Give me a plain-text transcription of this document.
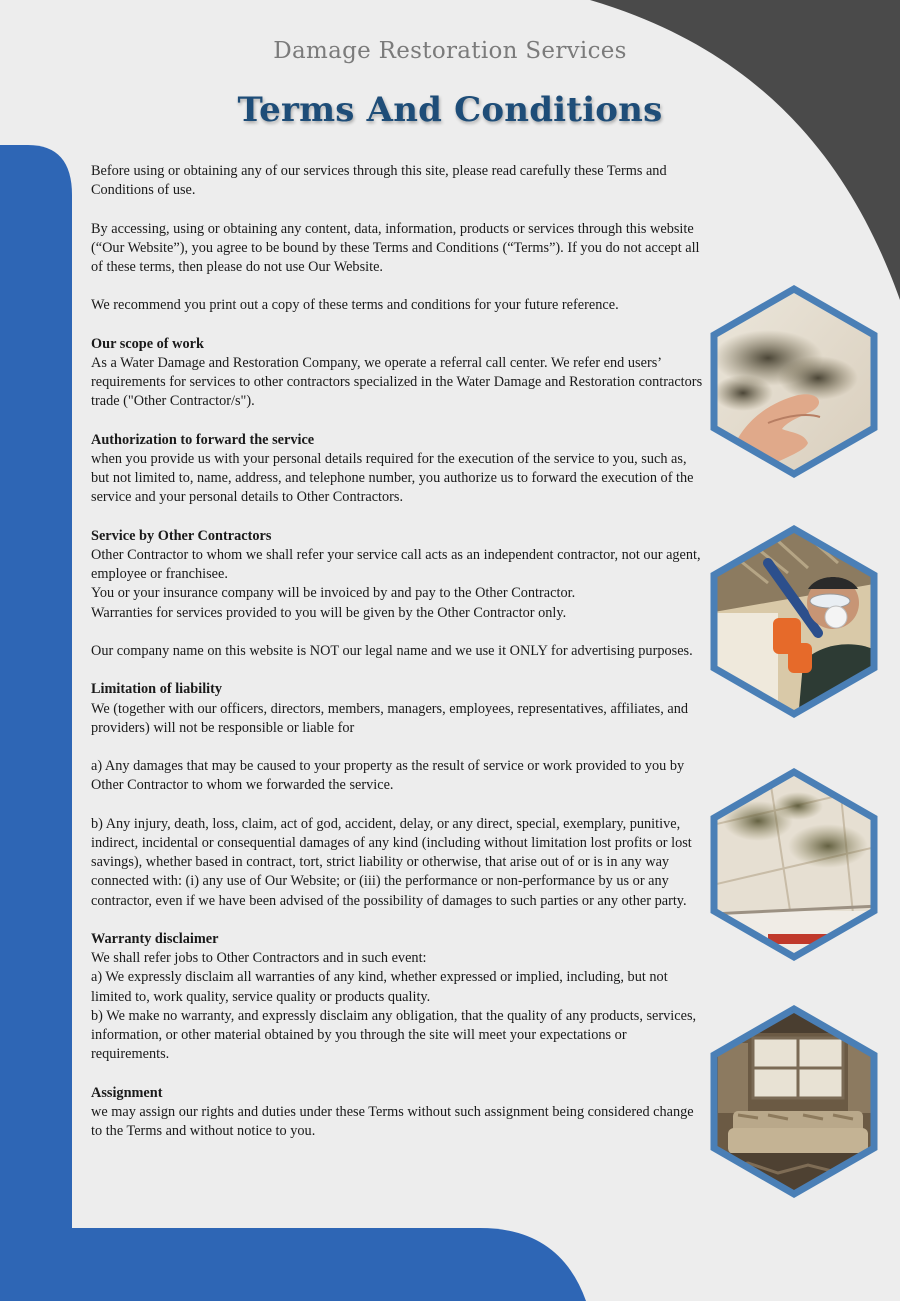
Damage Restoration Services
Terms And Conditions

Before using or obtaining any of our services through this site, please read carefully these Terms and Conditions of use.

By accessing, using or obtaining any content, data, information, products or services through this website (“Our Website”), you agree to be bound by these Terms and Conditions (“Terms”). If you do not accept all of these terms, then please do not use Our Website.

We recommend you print out a copy of these terms and conditions for your future reference.

Our scope of work

As a Water Damage and Restoration Company, we operate a referral call center. We refer end users’ requirements for services to other contractors specialized in the Water Damage and Restoration contractors trade ("Other Contractor/s").

Authorization to forward the service

when you provide us with your personal details required for the execution of the service to you, such as, but not limited to, name, address, and telephone number, you authorize us to forward the execution of the service and your personal details to Other Contractors.

Service by Other Contractors

Other Contractor to whom we shall refer your service call acts as an independent contractor, not our agent, employee or franchisee.
You or your insurance company will be invoiced by and pay to the Other Contractor.
Warranties for services provided to you will be given by the Other Contractor only.

Our company name on this website is NOT our legal name and we use it ONLY for advertising purposes.

Limitation of liability

We (together with our officers, directors, members, managers, employees, representatives, affiliates, and providers) will not be responsible or liable for

a) Any damages that may be caused to your property as the result of service or work provided to you by Other Contractor to whom we forwarded the service.

b) Any injury, death, loss, claim, act of god, accident, delay, or any direct, special, exemplary, punitive, indirect, incidental or consequential damages of any kind (including without limitation lost profits or lost savings), whether based in contract, tort, strict liability or otherwise, that arise out of or is in any way connected with: (i) any use of Our Website; or (iii) the performance or non-performance by us or any contractor, even if we have been advised of the possibility of damages to such parties or any other party.

Warranty disclaimer

We shall refer jobs to Other Contractors and in such event:
a) We expressly disclaim all warranties of any kind, whether expressed or implied, including, but not limited to, work quality, service quality or products quality.
b) We make no warranty, and expressly disclaim any obligation, that the quality of any products, services, information, or other material obtained by you through the site will meet your expectations or requirements.

Assignment

we may assign our rights and duties under these Terms without such assignment being considered change to the Terms and without notice to you.
